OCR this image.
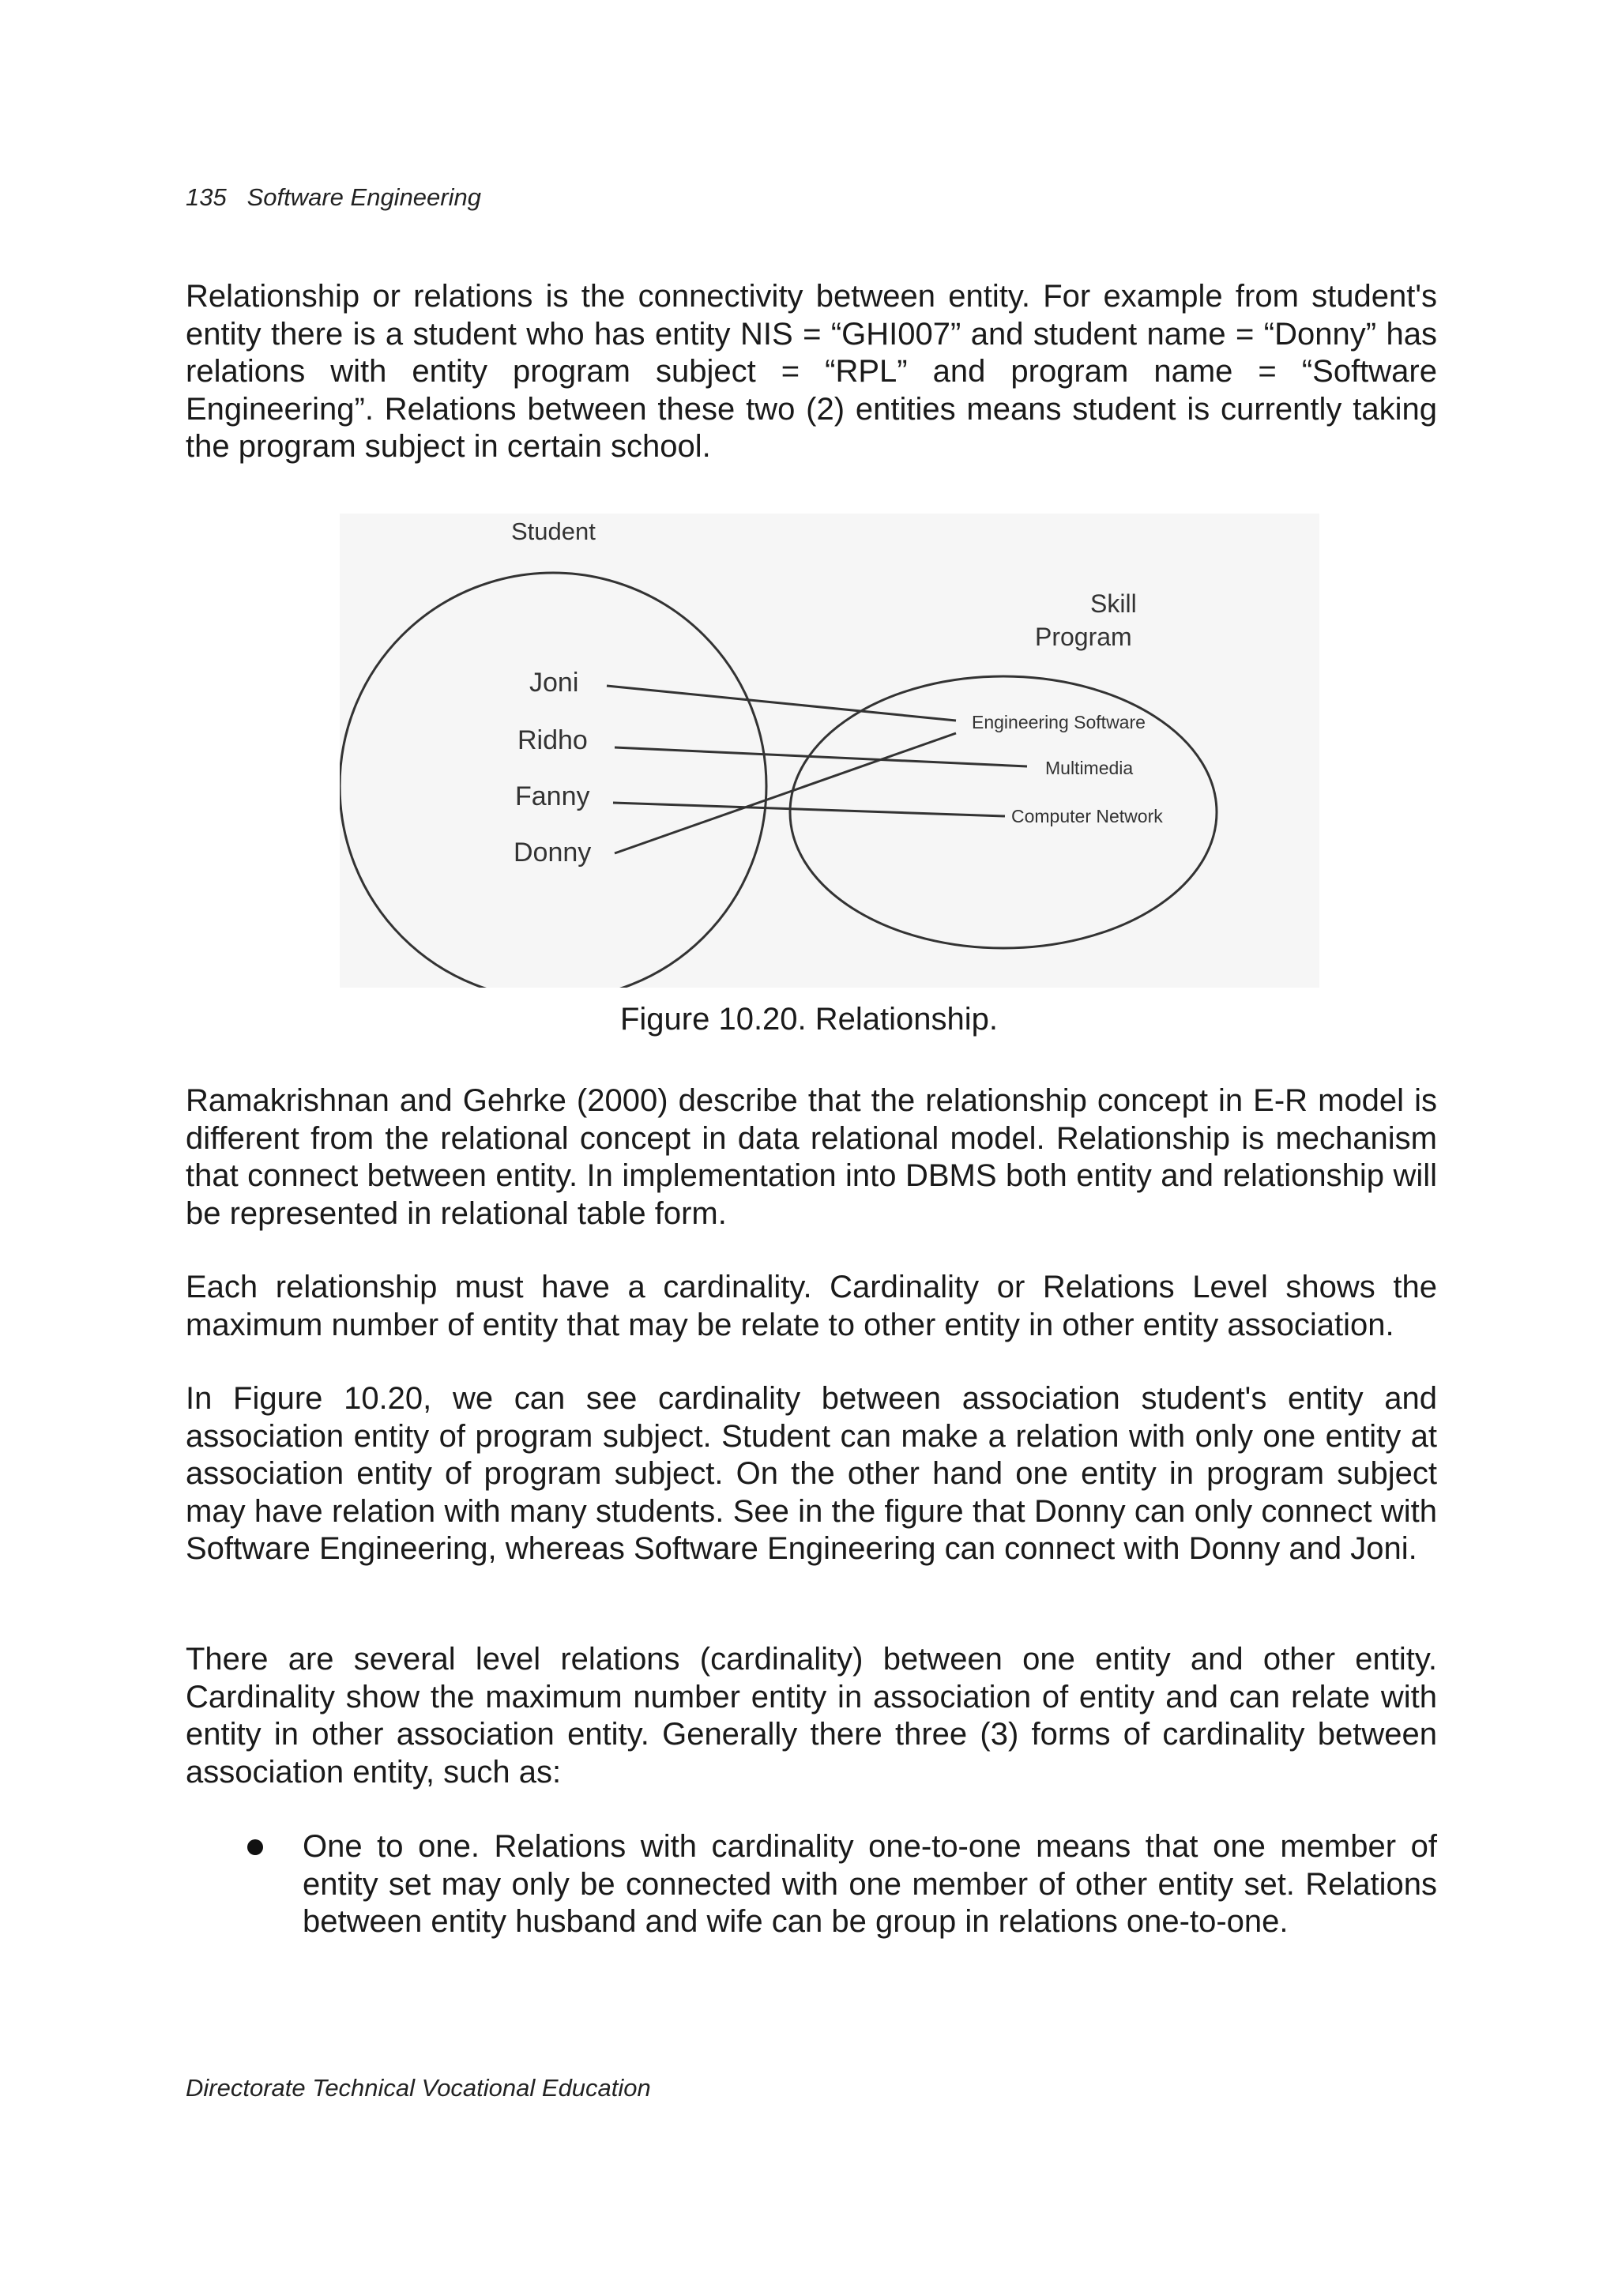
135 Software Engineering

Relationship or relations is the connectivity between entity. For example from student's entity there is a student who has entity NIS = “GHI007” and student name = “Donny” has relations with entity program subject = “RPL” and program name = “Software Engineering”. Relations between these two (2) entities means student is currently taking the program subject in certain school.

Student
Skill
Program
Joni
Ridho
Fanny
Donny
Engineering Software
Multimedia
Computer Network
Figure 10.20. Relationship.

Ramakrishnan and Gehrke (2000) describe that the relationship concept in E-R model is different from the relational concept in data relational model. Relationship is mechanism that connect between entity. In implementation into DBMS both entity and relationship will be represented in relational table form.

Each relationship must have a cardinality. Cardinality or Relations Level shows the maximum number of entity that may be relate to other entity in other entity association.

In Figure 10.20, we can see cardinality between association student's entity and association entity of program subject. Student can make a relation with only one entity at association entity of program subject. On the other hand one entity in program subject may have relation with many students. See in the figure that Donny can only connect with Software Engineering, whereas Software Engineering can connect with Donny and Joni.

There are several level relations (cardinality) between one entity and other entity. Cardinality show the maximum number entity in association of entity and can relate with entity in other association entity. Generally there three (3) forms of cardinality between association entity, such as:

One to one. Relations with cardinality one-to-one means that one member of entity set may only be connected with one member of other entity set. Relations between entity husband and wife can be group in relations one-to-one.
Directorate Technical Vocational Education
